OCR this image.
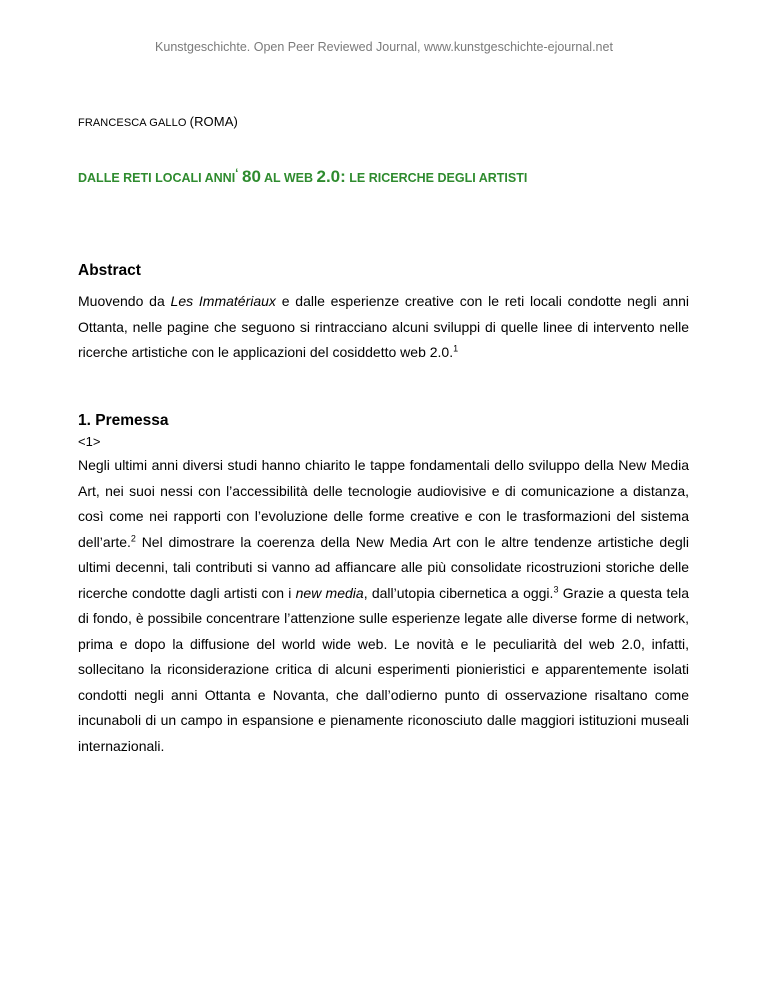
Kunstgeschichte. Open Peer Reviewed Journal, www.kunstgeschichte-ejournal.net
FRANCESCA GALLO (ROMA)
DALLE RETI LOCALI ANNI‘ 80 AL WEB 2.0: LE RICERCHE DEGLI ARTISTI
Abstract
Muovendo da Les Immatériaux e dalle esperienze creative con le reti locali condotte negli anni Ottanta, nelle pagine che seguono si rintracciano alcuni sviluppi di quelle linee di intervento nelle ricerche artistiche con le applicazioni del cosiddetto web 2.0.$^1$
1. Premessa
<1>
Negli ultimi anni diversi studi hanno chiarito le tappe fondamentali dello sviluppo della New Media Art, nei suoi nessi con l’accessibilità delle tecnologie audiovisive e di comunicazione a distanza, così come nei rapporti con l’evoluzione delle forme creative e con le trasformazioni del sistema dell’arte.$^2$ Nel dimostrare la coerenza della New Media Art con le altre tendenze artistiche degli ultimi decenni, tali contributi si vanno ad affiancare alle più consolidate ricostruzioni storiche delle ricerche condotte dagli artisti con i new media, dall’utopia cibernetica a oggi.$^3$ Grazie a questa tela di fondo, è possibile concentrare l’attenzione sulle esperienze legate alle diverse forme di network, prima e dopo la diffusione del world wide web. Le novità e le peculiarità del web 2.0, infatti, sollecitano la riconsiderazione critica di alcuni esperimenti pionieristici e apparentemente isolati condotti negli anni Ottanta e Novanta, che dall’odierno punto di osservazione risaltano come incunaboli di un campo in espansione e pienamente riconosciuto dalle maggiori istituzioni museali internazionali.
